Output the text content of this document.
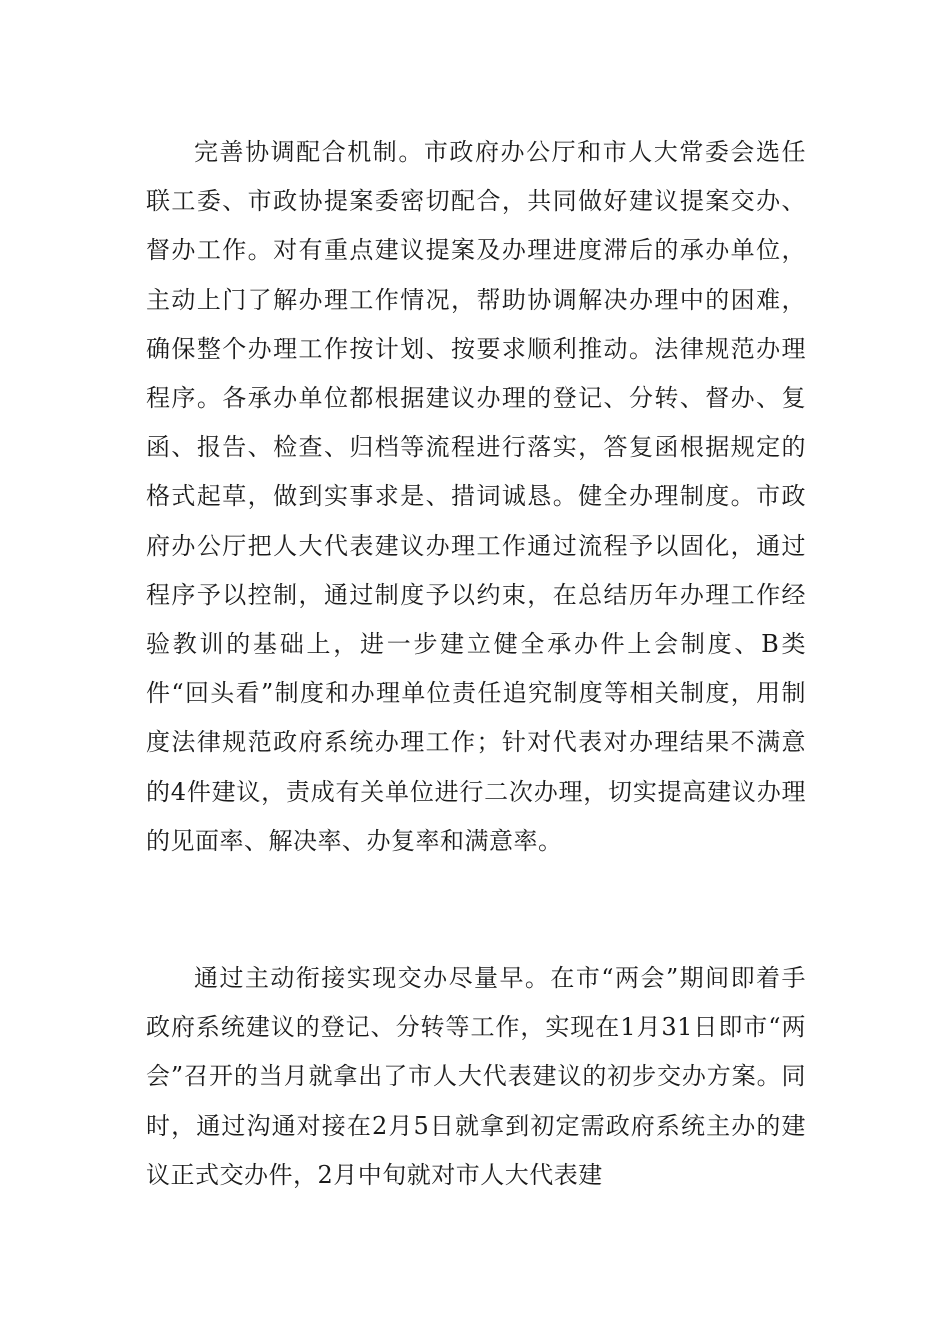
完善协调配合机制。市政府办公厅和市人大常委会选任联工委、市政协提案委密切配合，共同做好建议提案交办、督办工作。对有重点建议提案及办理进度滞后的承办单位，主动上门了解办理工作情况，帮助协调解决办理中的困难，确保整个办理工作按计划、按要求顺利推动。法律规范办理程序。各承办单位都根据建议办理的登记、分转、督办、复函、报告、检查、归档等流程进行落实，答复函根据规定的格式起草，做到实事求是、措词诚恳。健全办理制度。市政府办公厅把人大代表建议办理工作通过流程予以固化，通过程序予以控制，通过制度予以约束，在总结历年办理工作经验教训的基础上，进一步建立健全承办件上会制度、B类件“回头看”制度和办理单位责任追究制度等相关制度，用制度法律规范政府系统办理工作；针对代表对办理结果不满意的4件建议，责成有关单位进行二次办理，切实提高建议办理的见面率、解决率、办复率和满意率。

通过主动衔接实现交办尽量早。在市“两会”期间即着手政府系统建议的登记、分转等工作，实现在1月31日即市“两会”召开的当月就拿出了市人大代表建议的初步交办方案。同时，通过沟通对接在2月5日就拿到初定需政府系统主办的建议正式交办件，2月中旬就对市人大代表建
